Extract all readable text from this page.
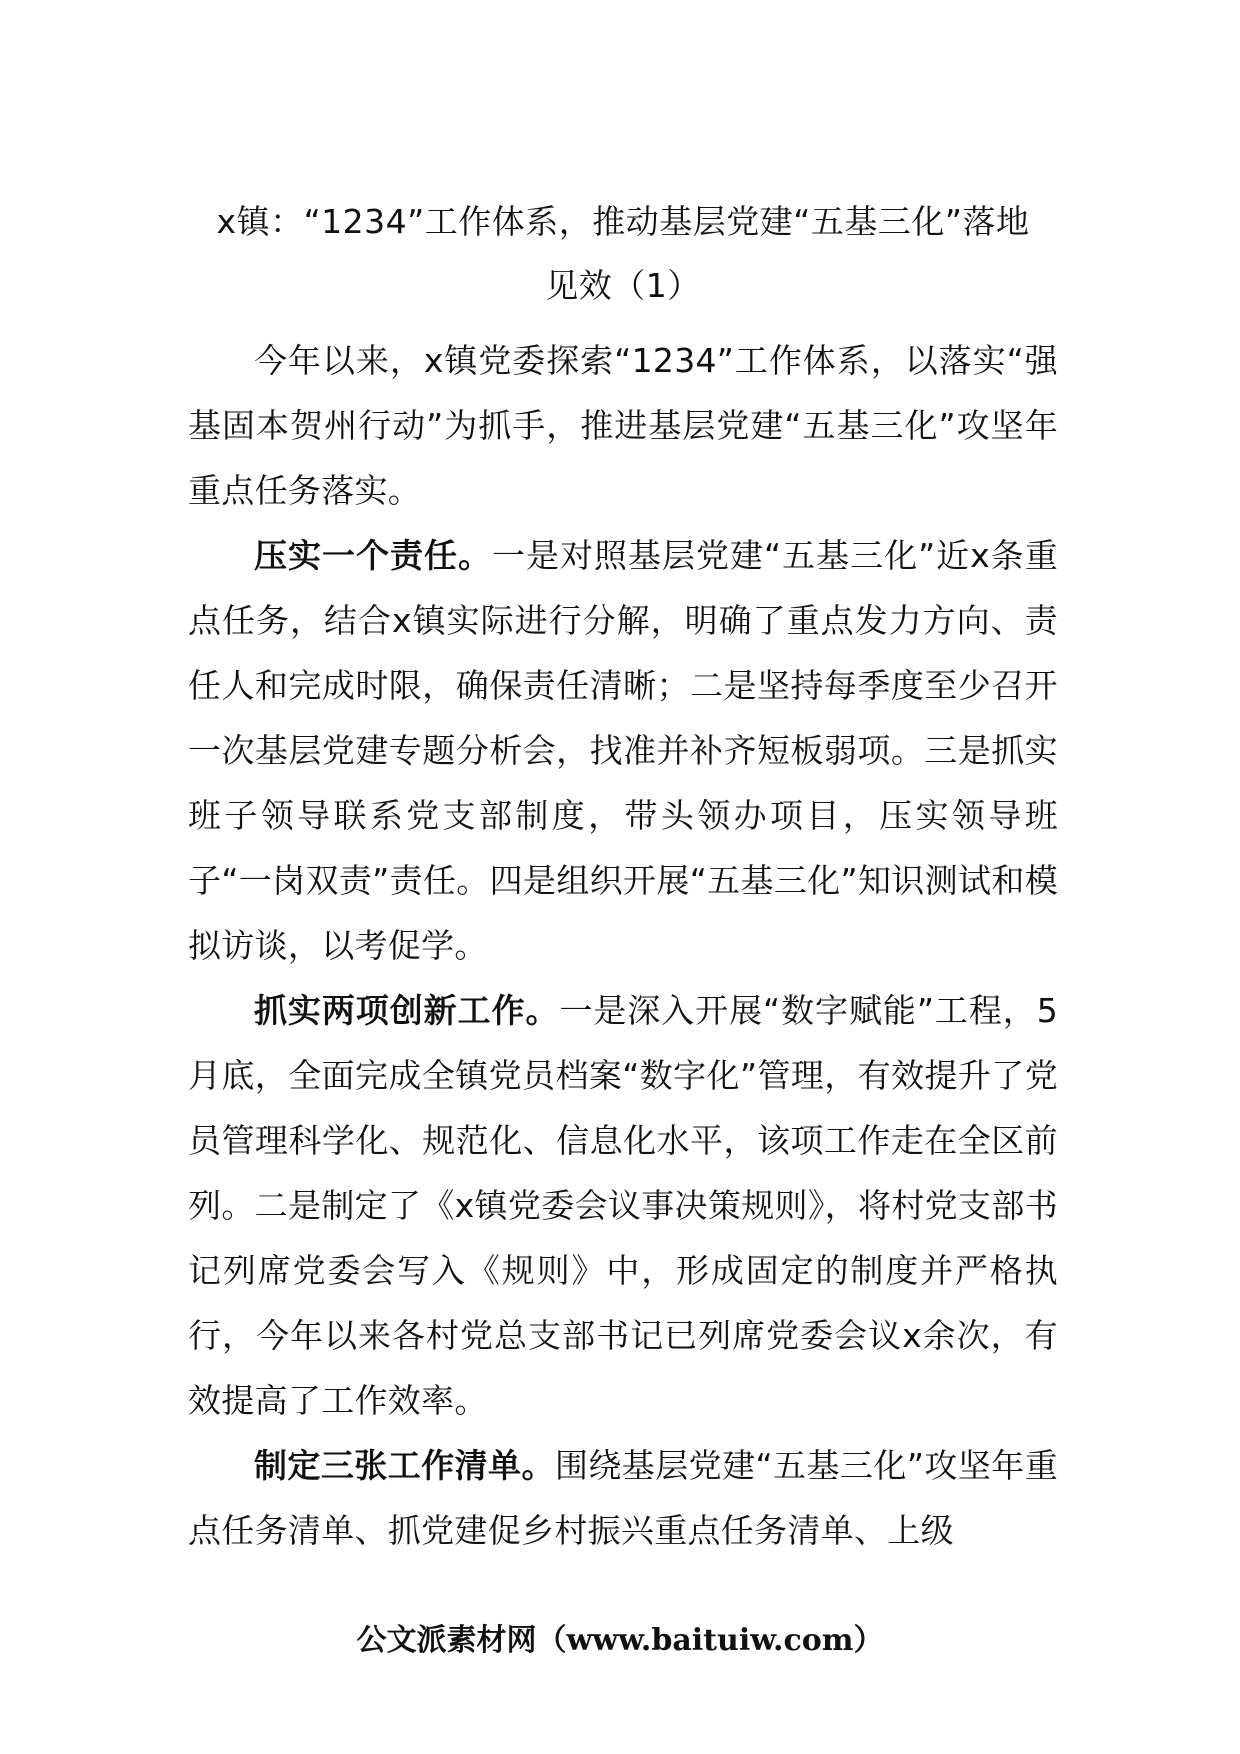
x镇：“1234”工作体系，推动基层党建“五基三化”落地
见效（1）

今年以来，x镇党委探索“1234”工作体系，以落实“强基固本贺州行动”为抓手，推进基层党建“五基三化”攻坚年重点任务落实。

压实一个责任。一是对照基层党建“五基三化”近x条重点任务，结合x镇实际进行分解，明确了重点发力方向、责任人和完成时限，确保责任清晰；二是坚持每季度至少召开一次基层党建专题分析会，找准并补齐短板弱项。三是抓实班子领导联系党支部制度，带头领办项目，压实领导班子“一岗双责”责任。四是组织开展“五基三化”知识测试和模拟访谈，以考促学。

抓实两项创新工作。一是深入开展“数字赋能”工程，5月底，全面完成全镇党员档案“数字化”管理，有效提升了党员管理科学化、规范化、信息化水平，该项工作走在全区前列。二是制定了《x镇党委会议事决策规则》，将村党支部书记列席党委会写入《规则》中，形成固定的制度并严格执行，今年以来各村党总支部书记已列席党委会议x余次，有效提高了工作效率。

制定三张工作清单。围绕基层党建“五基三化”攻坚年重点任务清单、抓党建促乡村振兴重点任务清单、上级

公文派素材网（www.baituiw.com）
